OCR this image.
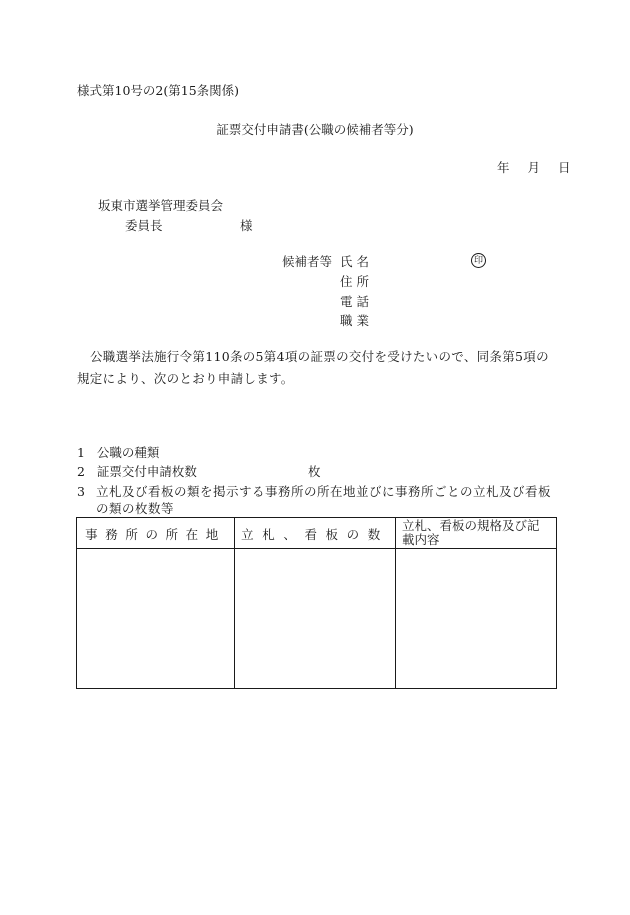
様式第10号の2(第15条関係)
証票交付申請書(公職の候補者等分)
年 月 日
坂東市選挙管理委員会
委員長	様
候補者等 氏 名	印
住 所
電 話
職 業
公職選挙法施行令第110条の5第4項の証票の交付を受けたいので、同条第5項の規定により、次のとおり申請します。
1 公職の種類
2 証票交付申請枚数	枚
3 立札及び看板の類を掲示する事務所の所在地並びに事務所ごとの立札及び看板の類の枚数等
事務所の所在地	立札、看板の数	立札、看板の規格及び記載内容
